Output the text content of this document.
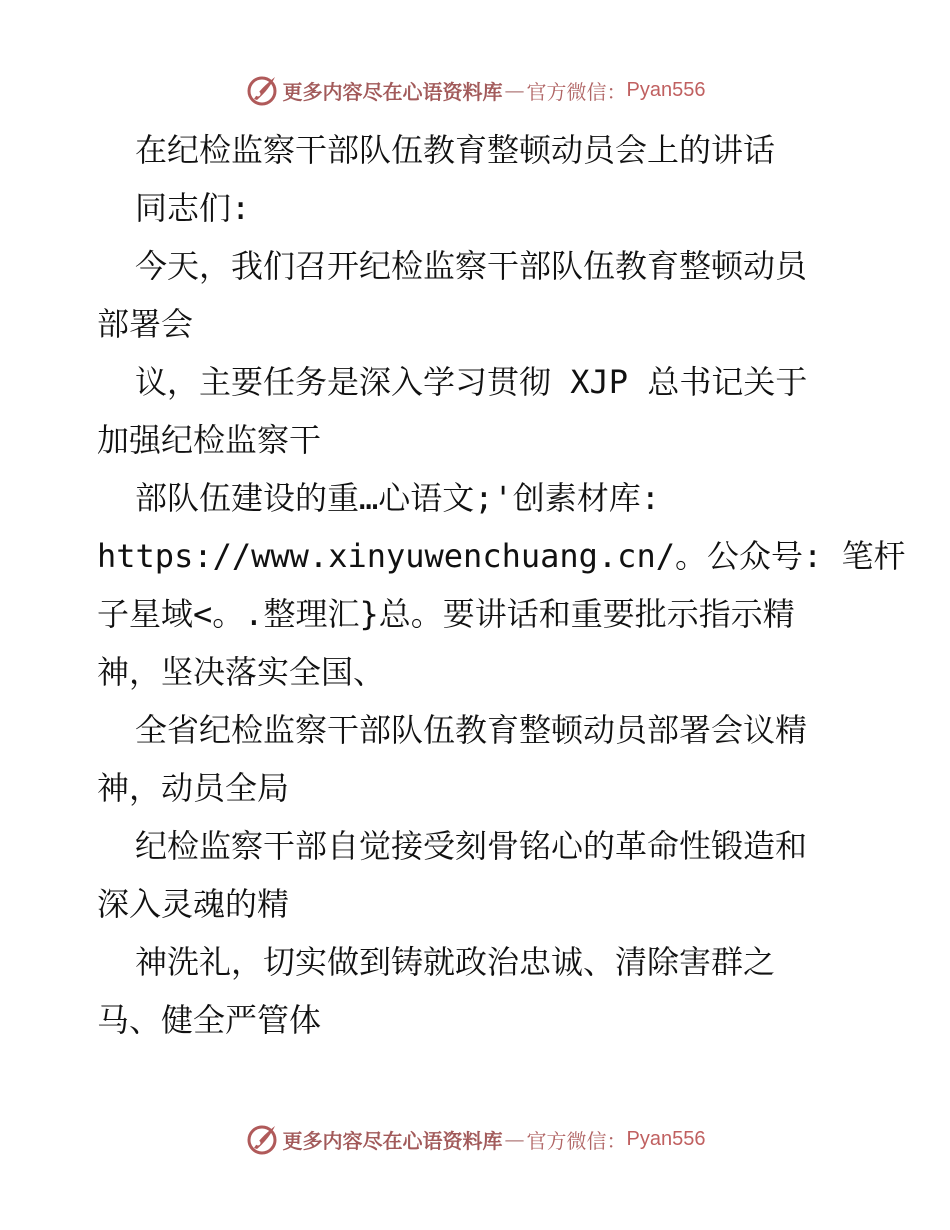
更多内容尽在心语资料库 — 官方微信： Pyan556
在纪检监察干部队伍教育整顿动员会上的讲话
同志们:
今天，我们召开纪检监察干部队伍教育整顿动员
部署会
议，主要任务是深入学习贯彻 XJP 总书记关于
加强纪检监察干
部队伍建设的重…心语文;'创素材库:
https://www.xinyuwenchuang.cn/。公众号: 笔杆
子星域<。.整理汇}总。要讲话和重要批示指示精
神，坚决落实全国、
全省纪检监察干部队伍教育整顿动员部署会议精
神，动员全局
纪检监察干部自觉接受刻骨铭心的革命性锻造和
深入灵魂的精
神洗礼，切实做到铸就政治忠诚、清除害群之
马、健全严管体
更多内容尽在心语资料库 — 官方微信： Pyan556
